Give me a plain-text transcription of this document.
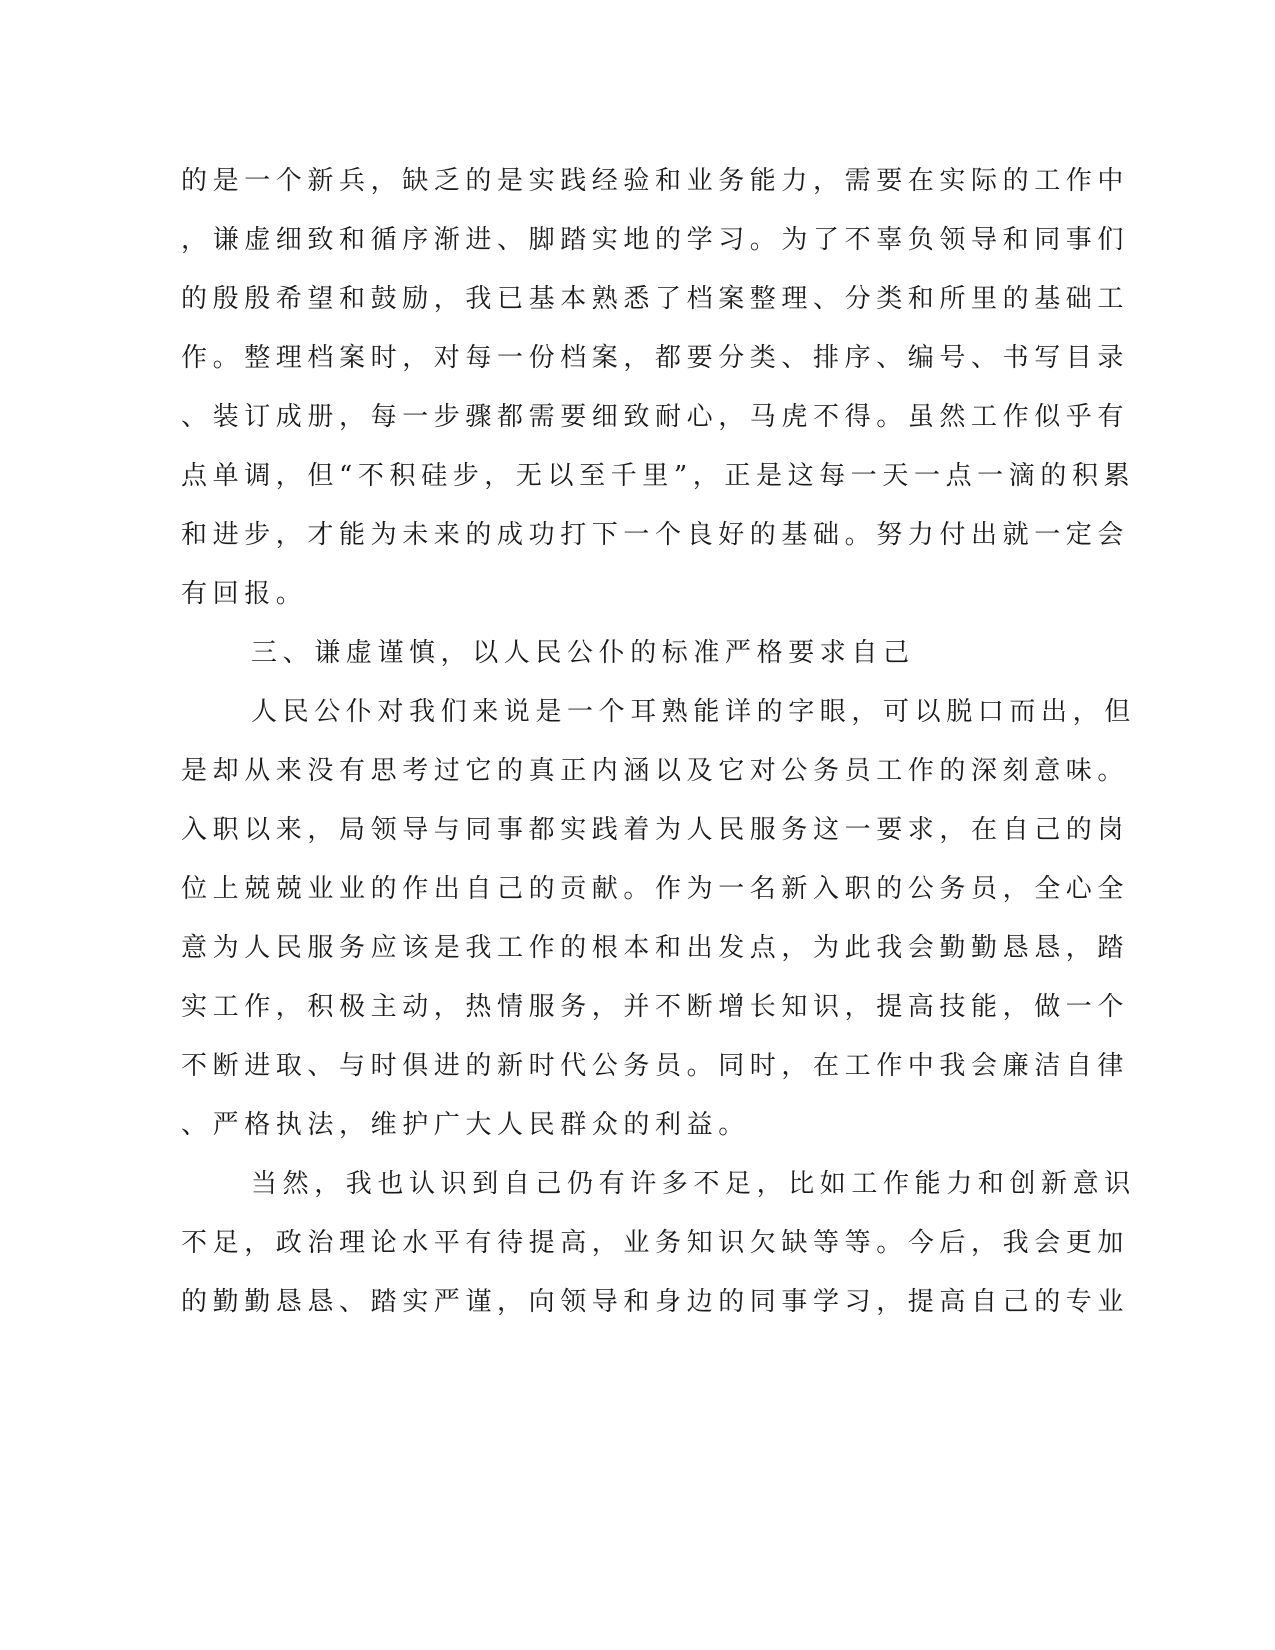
的是一个新兵，缺乏的是实践经验和业务能力，需要在实际的工作中
，谦虚细致和循序渐进、脚踏实地的学习。为了不辜负领导和同事们
的殷殷希望和鼓励，我已基本熟悉了档案整理、分类和所里的基础工
作。整理档案时，对每一份档案，都要分类、排序、编号、书写目录
、装订成册，每一步骤都需要细致耐心，马虎不得。虽然工作似乎有
点单调，但“不积硅步，无以至千里”，正是这每一天一点一滴的积累
和进步，才能为未来的成功打下一个良好的基础。努力付出就一定会
有回报。
三、谦虚谨慎，以人民公仆的标准严格要求自己
人民公仆对我们来说是一个耳熟能详的字眼，可以脱口而出，但
是却从来没有思考过它的真正内涵以及它对公务员工作的深刻意味。
入职以来，局领导与同事都实践着为人民服务这一要求，在自己的岗
位上兢兢业业的作出自己的贡献。作为一名新入职的公务员，全心全
意为人民服务应该是我工作的根本和出发点，为此我会勤勤恳恳，踏
实工作，积极主动，热情服务，并不断增长知识，提高技能，做一个
不断进取、与时俱进的新时代公务员。同时，在工作中我会廉洁自律
、严格执法，维护广大人民群众的利益。
当然，我也认识到自己仍有许多不足，比如工作能力和创新意识
不足，政治理论水平有待提高，业务知识欠缺等等。今后，我会更加
的勤勤恳恳、踏实严谨，向领导和身边的同事学习，提高自己的专业
